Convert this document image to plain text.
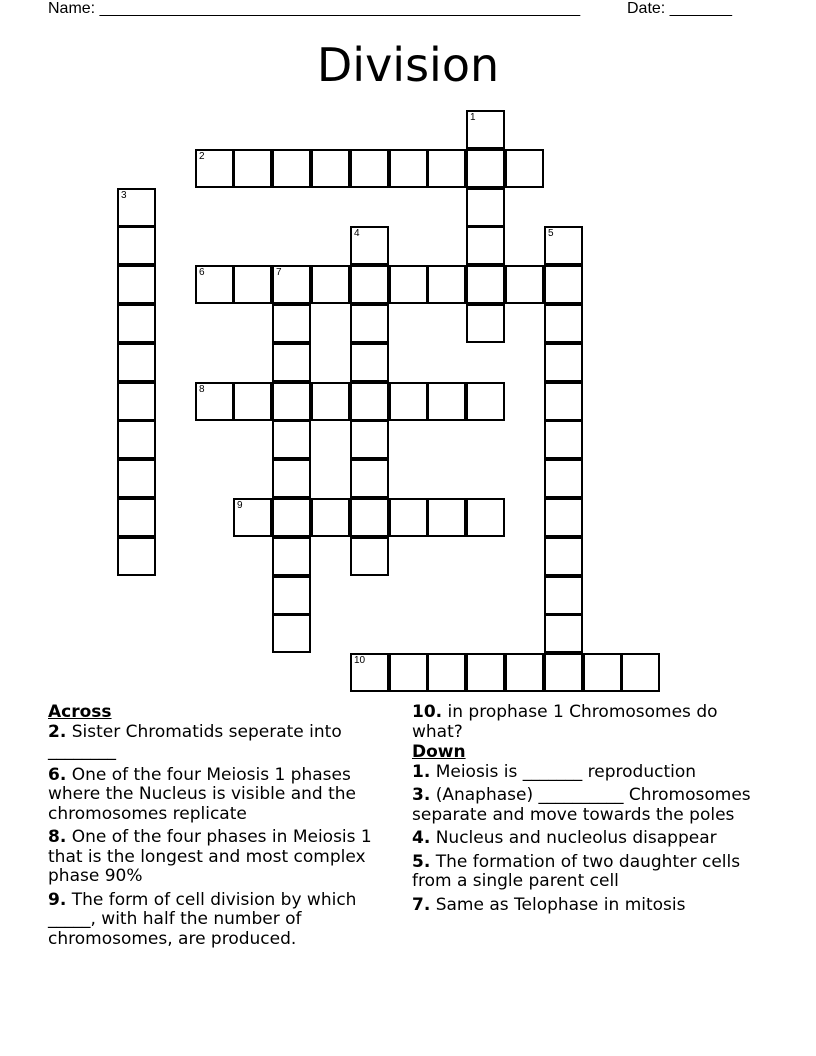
Name: ______________________________________________________	Date: _______
Division
1
2
3
4	5
6	7
8
9
10
Across
2. Sister Chromatids seperate into ________
6. One of the four Meiosis 1 phases where the Nucleus is visible and the chromosomes replicate
8. One of the four phases in Meiosis 1 that is the longest and most complex phase 90%
9. The form of cell division by which _____, with half the number of chromosomes, are produced.
10. in prophase 1 Chromosomes do what?
Down
1. Meiosis is _______ reproduction
3. (Anaphase) __________ Chromosomes separate and move towards the poles
4. Nucleus and nucleolus disappear
5. The formation of two daughter cells from a single parent cell
7. Same as Telophase in mitosis
